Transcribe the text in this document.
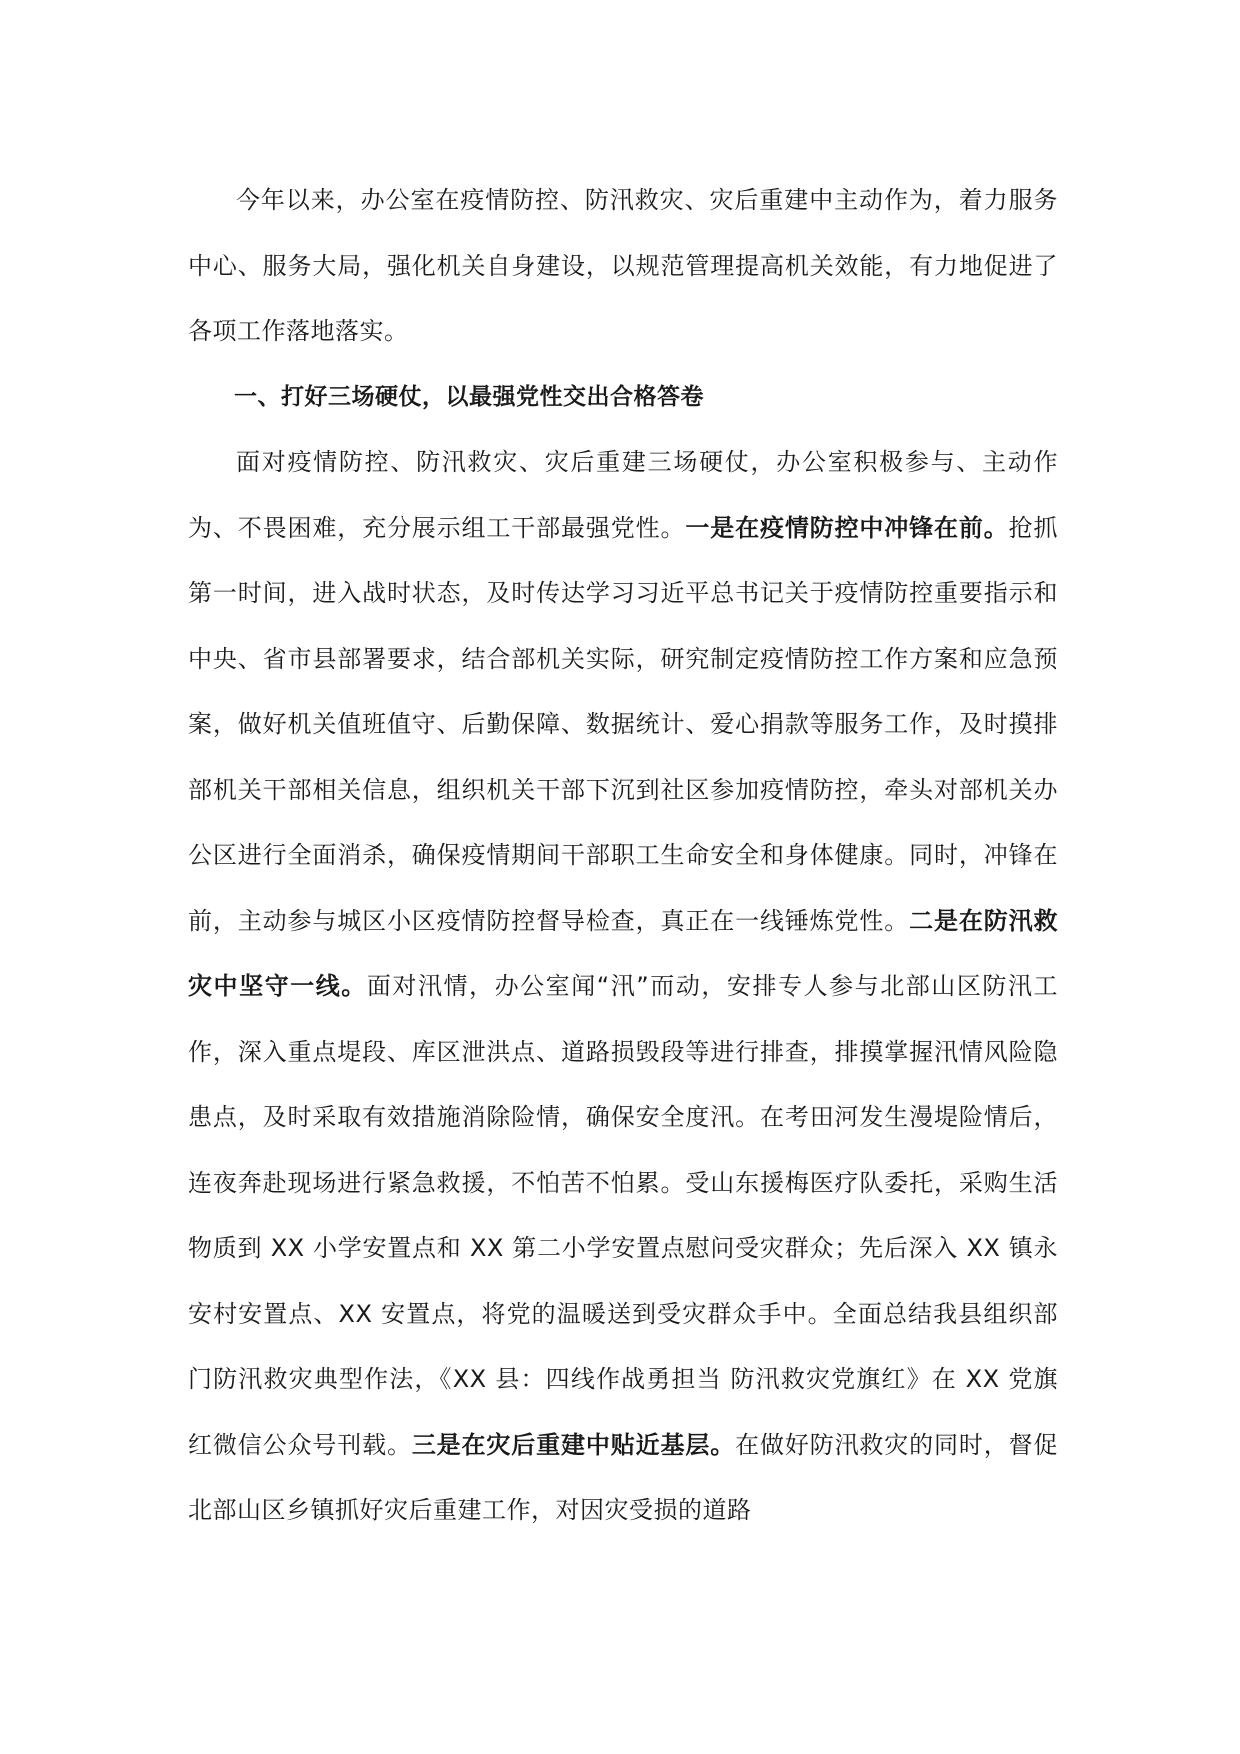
今年以来，办公室在疫情防控、防汛救灾、灾后重建中主动作为，着力服务中心、服务大局，强化机关自身建设，以规范管理提高机关效能，有力地促进了各项工作落地落实。

一、打好三场硬仗，以最强党性交出合格答卷

面对疫情防控、防汛救灾、灾后重建三场硬仗，办公室积极参与、主动作为、不畏困难，充分展示组工干部最强党性。一是在疫情防控中冲锋在前。抢抓第一时间，进入战时状态，及时传达学习习近平总书记关于疫情防控重要指示和中央、省市县部署要求，结合部机关实际，研究制定疫情防控工作方案和应急预案，做好机关值班值守、后勤保障、数据统计、爱心捐款等服务工作，及时摸排部机关干部相关信息，组织机关干部下沉到社区参加疫情防控，牵头对部机关办公区进行全面消杀，确保疫情期间干部职工生命安全和身体健康。同时，冲锋在前，主动参与城区小区疫情防控督导检查，真正在一线锤炼党性。二是在防汛救灾中坚守一线。面对汛情，办公室闻“汛”而动，安排专人参与北部山区防汛工作，深入重点堤段、库区泄洪点、道路损毁段等进行排查，排摸掌握汛情风险隐患点，及时采取有效措施消除险情，确保安全度汛。在考田河发生漫堤险情后，连夜奔赴现场进行紧急救援，不怕苦不怕累。受山东援梅医疗队委托，采购生活物质到 XX 小学安置点和 XX 第二小学安置点慰问受灾群众；先后深入 XX 镇永安村安置点、XX 安置点，将党的温暖送到受灾群众手中。全面总结我县组织部门防汛救灾典型作法，《XX 县：四线作战勇担当 防汛救灾党旗红》在 XX 党旗红微信公众号刊载。三是在灾后重建中贴近基层。在做好防汛救灾的同时，督促北部山区乡镇抓好灾后重建工作，对因灾受损的道路
